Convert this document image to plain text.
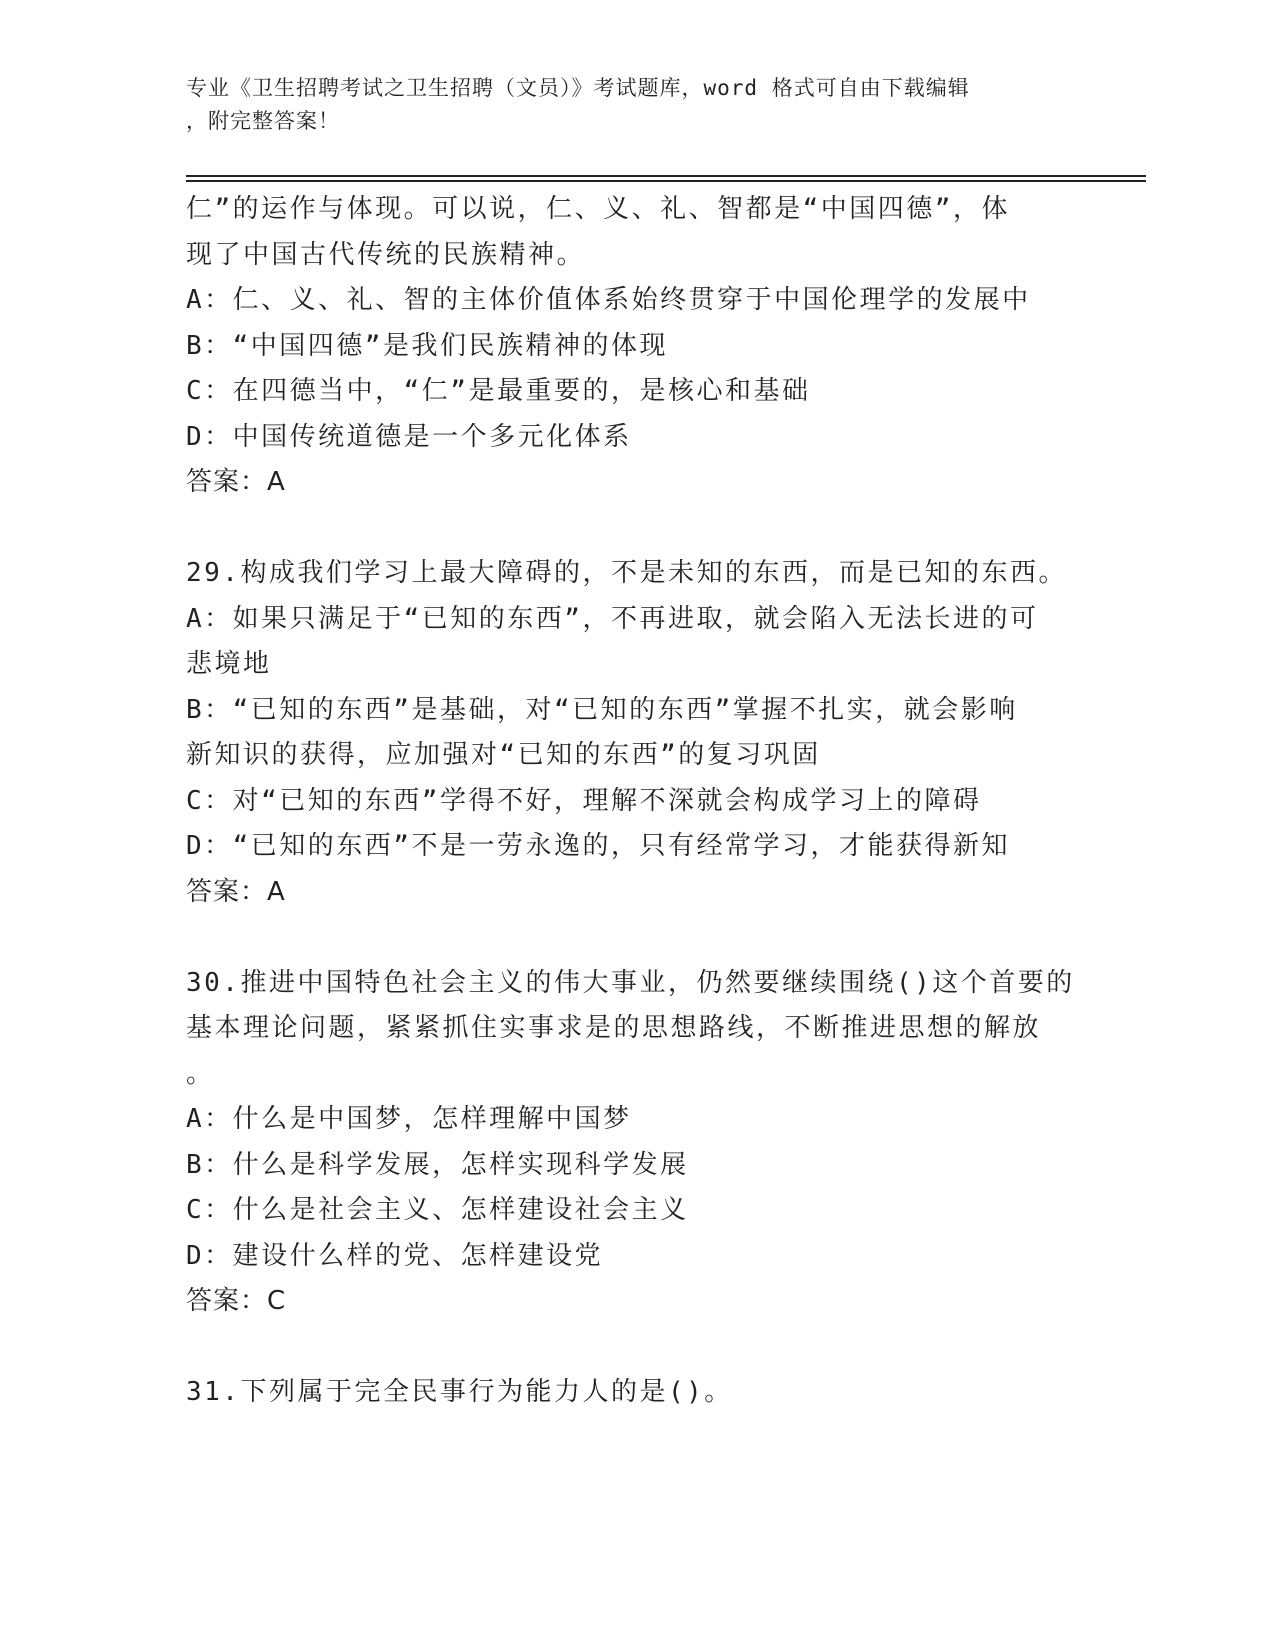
专业《卫生招聘考试之卫生招聘（文员）》考试题库，word 格式可自由下载编辑
，附完整答案！
仁”的运作与体现。可以说，仁、义、礼、智都是“中国四德”，体
现了中国古代传统的民族精神。
A：仁、义、礼、智的主体价值体系始终贯穿于中国伦理学的发展中
B：“中国四德”是我们民族精神的体现
C：在四德当中，“仁”是最重要的，是核心和基础
D：中国传统道德是一个多元化体系
答案：A
29.构成我们学习上最大障碍的，不是未知的东西，而是已知的东西。
A：如果只满足于“已知的东西”，不再进取，就会陷入无法长进的可
悲境地
B：“已知的东西”是基础，对“已知的东西”掌握不扎实，就会影响
新知识的获得，应加强对“已知的东西”的复习巩固
C：对“已知的东西”学得不好，理解不深就会构成学习上的障碍
D：“已知的东西”不是一劳永逸的，只有经常学习，才能获得新知
答案：A
30.推进中国特色社会主义的伟大事业，仍然要继续围绕()这个首要的
基本理论问题，紧紧抓住实事求是的思想路线，不断推进思想的解放
。
A：什么是中国梦，怎样理解中国梦
B：什么是科学发展，怎样实现科学发展
C：什么是社会主义、怎样建设社会主义
D：建设什么样的党、怎样建设党
答案：C
31.下列属于完全民事行为能力人的是()。
